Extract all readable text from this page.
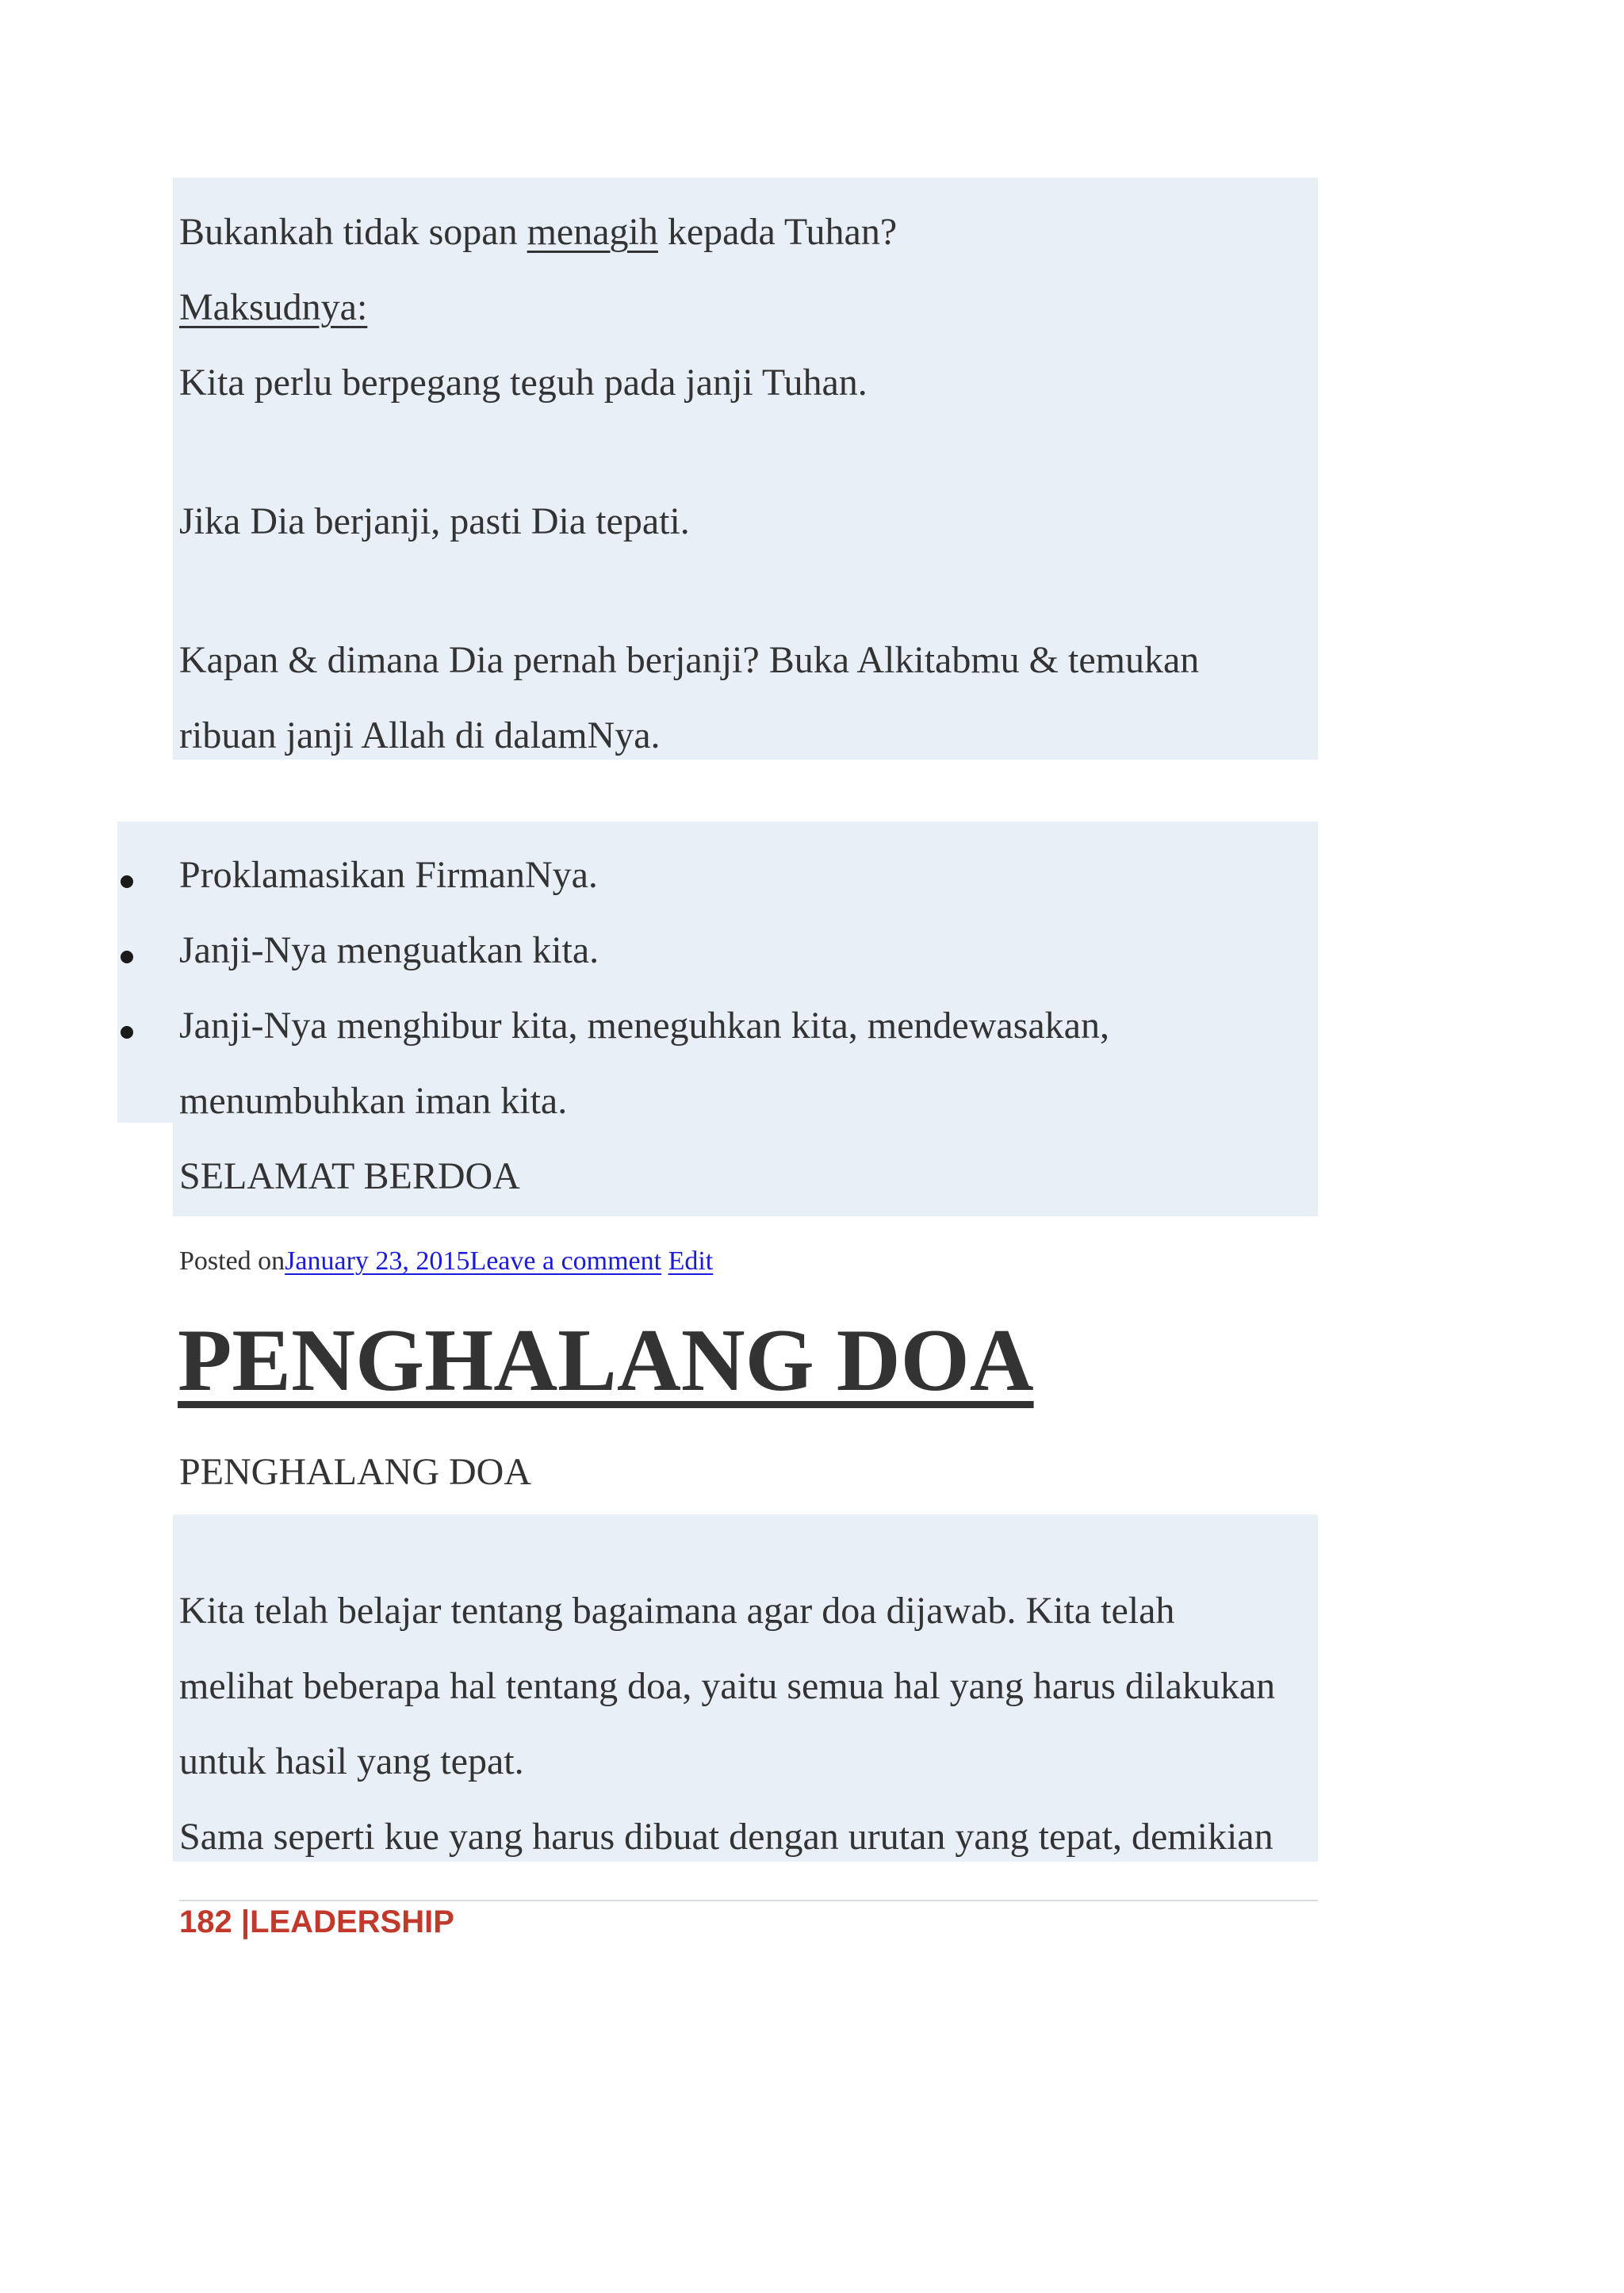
Bukankah tidak sopan menagih kepada Tuhan?

Maksudnya:

Kita perlu berpegang teguh pada janji Tuhan.

Jika Dia berjanji, pasti Dia tepati.

Kapan & dimana Dia pernah berjanji? Buka Alkitabmu & temukan

ribuan janji Allah di dalamNya.

Proklamasikan FirmanNya.

Janji-Nya menguatkan kita.

Janji-Nya menghibur kita, meneguhkan kita, mendewasakan,

menumbuhkan iman kita.

SELAMAT BERDOA

Posted onJanuary 23, 2015Leave a comment Edit
PENGHALANG DOA

PENGHALANG DOA

Kita telah belajar tentang bagaimana agar doa dijawab. Kita telah

melihat beberapa hal tentang doa, yaitu semua hal yang harus dilakukan

untuk hasil yang tepat.

Sama seperti kue yang harus dibuat dengan urutan yang tepat, demikian

182 |LEADERSHIP
